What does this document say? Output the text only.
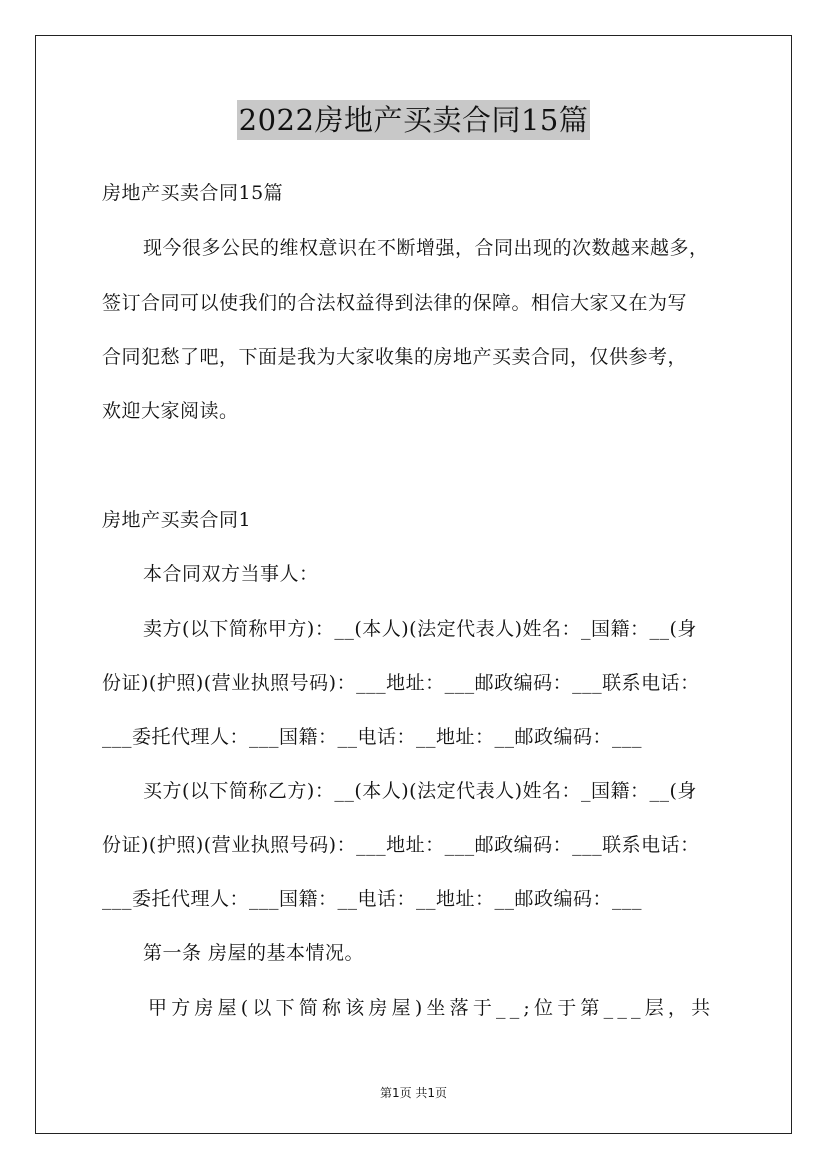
2022房地产买卖合同15篇
房地产买卖合同15篇
现今很多公民的维权意识在不断增强，合同出现的次数越来越多，
签订合同可以使我们的合法权益得到法律的保障。相信大家又在为写
合同犯愁了吧，下面是我为大家收集的房地产买卖合同，仅供参考，
欢迎大家阅读。
房地产买卖合同1
本合同双方当事人：
卖方(以下简称甲方)：__(本人)(法定代表人)姓名：_国籍：__(身
份证)(护照)(营业执照号码)：___地址：___邮政编码：___联系电话：
___委托代理人：___国籍：__电话：__地址：__邮政编码：___
买方(以下简称乙方)：__(本人)(法定代表人)姓名：_国籍：__(身
份证)(护照)(营业执照号码)：___地址：___邮政编码：___联系电话：
___委托代理人：___国籍：__电话：__地址：__邮政编码：___
第一条 房屋的基本情况。
甲方房屋(以下简称该房屋)坐落于__;位于第___层，共
第1页 共1页
